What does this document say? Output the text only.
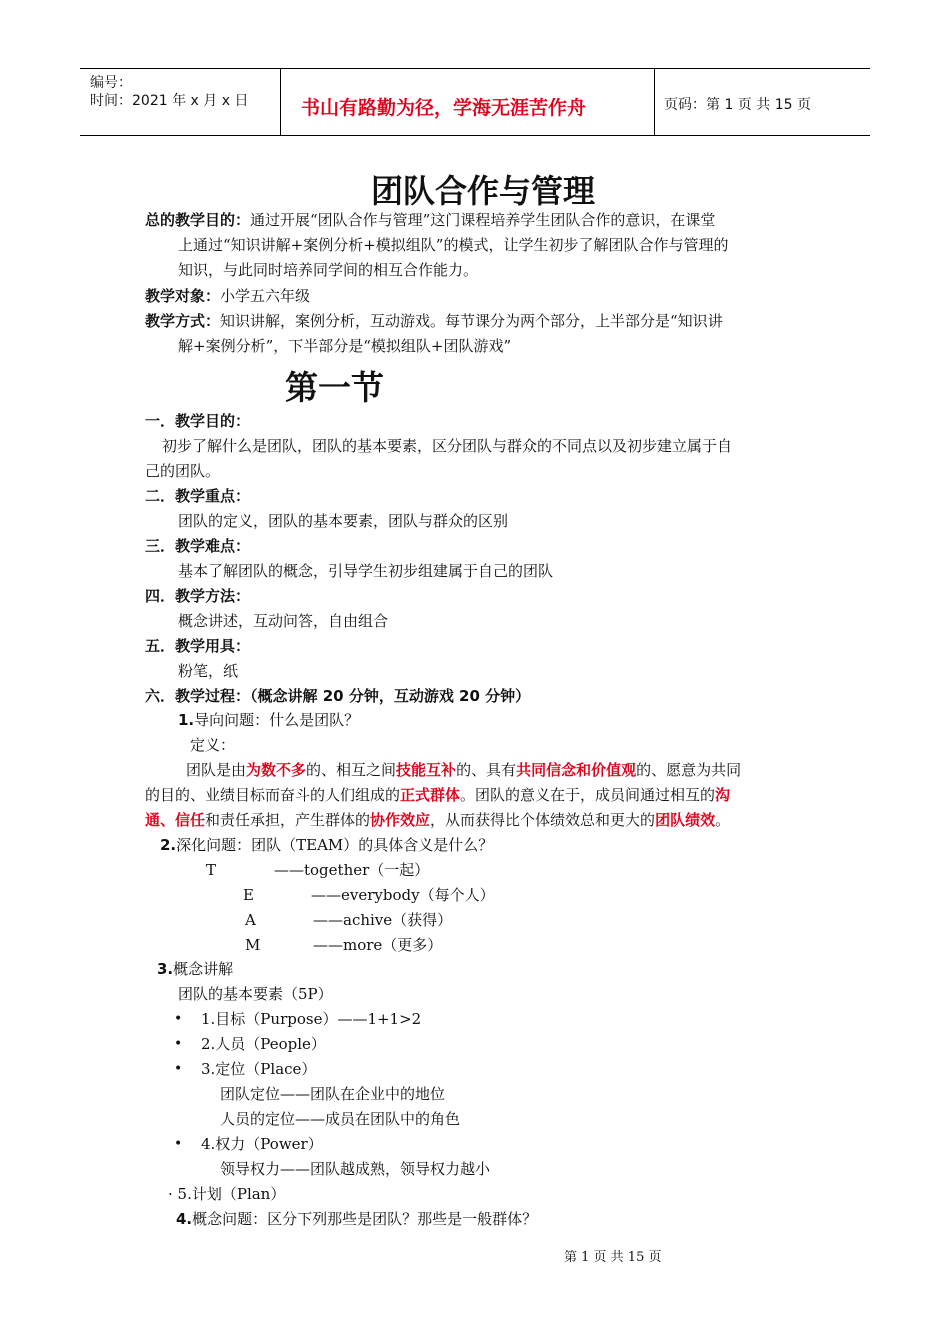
编号：
时间：2021 年 x 月 x 日	书山有路勤为径，学海无涯苦作舟	页码：第 1 页 共 15 页
团队合作与管理
总的教学目的：通过开展“团队合作与管理”这门课程培养学生团队合作的意识，在课堂
上通过“知识讲解+案例分析+模拟组队”的模式，让学生初步了解团队合作与管理的
知识，与此同时培养同学间的相互合作能力。
教学对象：小学五六年级
教学方式：知识讲解，案例分析，互动游戏。每节课分为两个部分，上半部分是“知识讲
解+案例分析”，下半部分是“模拟组队+团队游戏”
第一节
一．教学目的：
初步了解什么是团队，团队的基本要素，区分团队与群众的不同点以及初步建立属于自
己的团队。
二．教学重点：
团队的定义，团队的基本要素，团队与群众的区别
三．教学难点：
基本了解团队的概念，引导学生初步组建属于自己的团队
四．教学方法：
概念讲述，互动问答，自由组合
五．教学用具：
粉笔，纸
六．教学过程：（概念讲解 20 分钟，互动游戏 20 分钟）
1.导向问题：什么是团队？
定义：
团队是由为数不多的、相互之间技能互补的、具有共同信念和价值观的、愿意为共同
的目的、业绩目标而奋斗的人们组成的正式群体。团队的意义在于，成员间通过相互的沟
通、信任和责任承担，产生群体的协作效应，从而获得比个体绩效总和更大的团队绩效。
2.深化问题：团队（TEAM）的具体含义是什么？
T	——together（一起）
E	——everybody（每个人）
A	——achive（获得）
M	——more（更多）
3.概念讲解
团队的基本要素（5P）
• 1.目标（Purpose）——1+1>2
• 2.人员（People）
• 3.定位（Place）
团队定位——团队在企业中的地位
人员的定位——成员在团队中的角色
• 4.权力（Power）
领导权力——团队越成熟，领导权力越小
· 5.计划（Plan）
4.概念问题：区分下列那些是团队？那些是一般群体？
第 1 页 共 15 页
